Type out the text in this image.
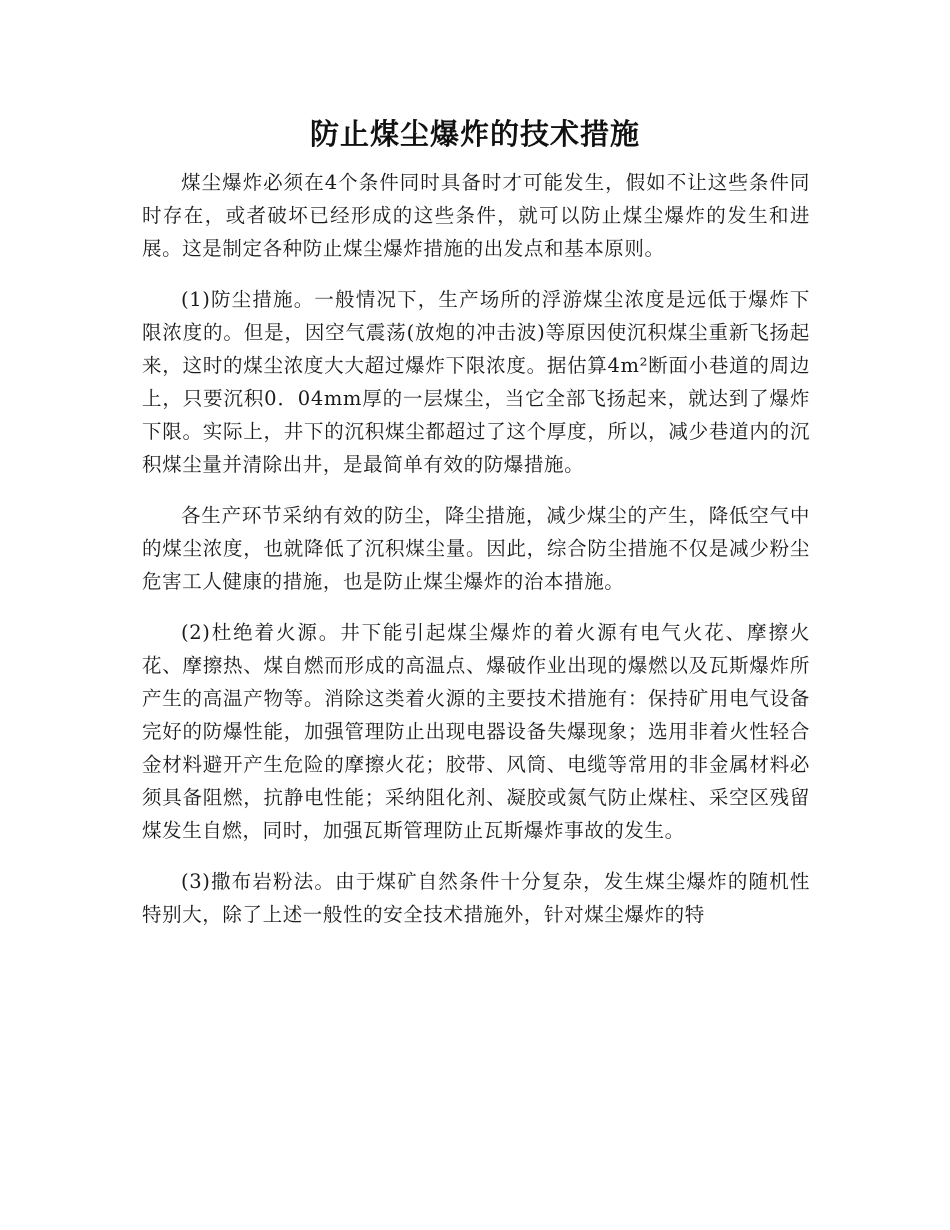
防止煤尘爆炸的技术措施

煤尘爆炸必须在4个条件同时具备时才可能发生，假如不让这些条件同时存在，或者破坏已经形成的这些条件，就可以防止煤尘爆炸的发生和进展。这是制定各种防止煤尘爆炸措施的出发点和基本原则。

(1)防尘措施。一般情况下，生产场所的浮游煤尘浓度是远低于爆炸下限浓度的。但是，因空气震荡(放炮的冲击波)等原因使沉积煤尘重新飞扬起来，这时的煤尘浓度大大超过爆炸下限浓度。据估算4m²断面小巷道的周边上，只要沉积0．04mm厚的一层煤尘，当它全部飞扬起来，就达到了爆炸下限。实际上，井下的沉积煤尘都超过了这个厚度，所以，减少巷道内的沉积煤尘量并清除出井，是最简单有效的防爆措施。

各生产环节采纳有效的防尘，降尘措施，减少煤尘的产生，降低空气中的煤尘浓度，也就降低了沉积煤尘量。因此，综合防尘措施不仅是减少粉尘危害工人健康的措施，也是防止煤尘爆炸的治本措施。

(2)杜绝着火源。井下能引起煤尘爆炸的着火源有电气火花、摩擦火花、摩擦热、煤自燃而形成的高温点、爆破作业出现的爆燃以及瓦斯爆炸所产生的高温产物等。消除这类着火源的主要技术措施有：保持矿用电气设备完好的防爆性能，加强管理防止出现电器设备失爆现象；选用非着火性轻合金材料避开产生危险的摩擦火花；胶带、风筒、电缆等常用的非金属材料必须具备阻燃，抗静电性能；采纳阻化剂、凝胶或氮气防止煤柱、采空区残留煤发生自燃，同时，加强瓦斯管理防止瓦斯爆炸事故的发生。

(3)撒布岩粉法。由于煤矿自然条件十分复杂，发生煤尘爆炸的随机性特别大，除了上述一般性的安全技术措施外，针对煤尘爆炸的特
